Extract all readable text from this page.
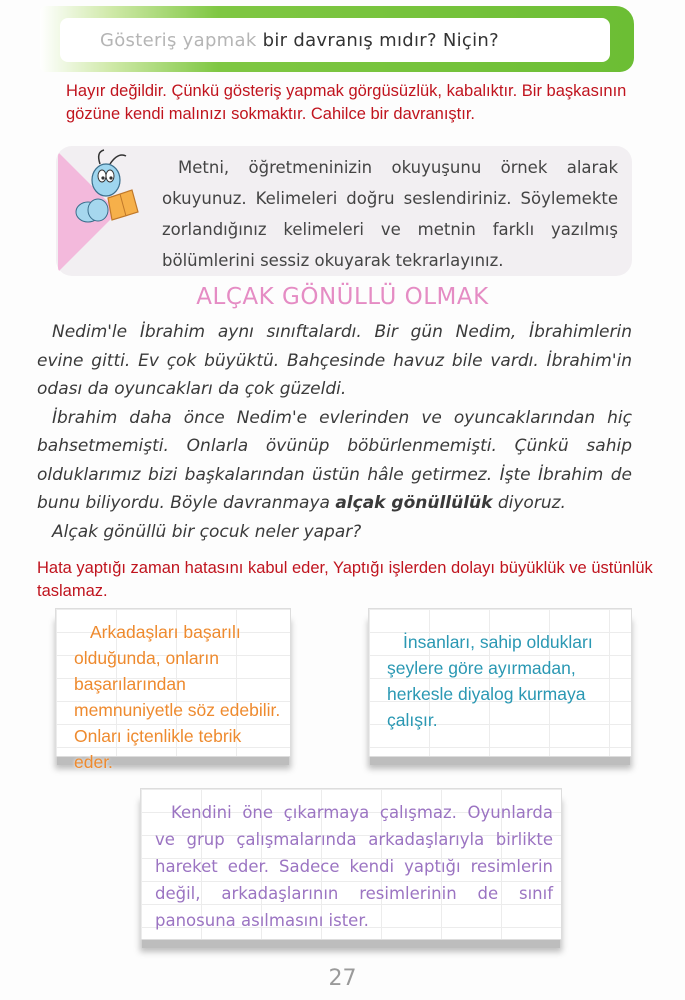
Gösteriş yapmak bir davranış mıdır? Niçin?
Hayır değildir. Çünkü gösteriş yapmak görgüsüzlük, kabalıktır. Bir başkasının gözüne kendi malınızı sokmaktır. Cahilce bir davranıştır.
Metni, öğretmeninizin okuyuşunu örnek alarak okuyunuz. Kelimeleri doğru seslendiriniz. Söylemekte zorlandığınız kelimeleri ve metnin farklı yazılmış bölümlerini sessiz okuyarak tekrarlayınız.
ALÇAK GÖNÜLLÜ OLMAK

Nedim'le İbrahim aynı sınıftalardı. Bir gün Nedim, İbrahimlerin evine gitti. Ev çok büyüktü. Bahçesinde havuz bile vardı. İbrahim'in odası da oyuncakları da çok güzeldi.

İbrahim daha önce Nedim'e evlerinden ve oyuncaklarından hiç bahsetmemişti. Onlarla övünüp böbürlenmemişti. Çünkü sahip olduklarımız bizi başkalarından üstün hâle getirmez. İşte İbrahim de bunu biliyordu. Böyle davranmaya alçak gönüllülük diyoruz.

Alçak gönüllü bir çocuk neler yapar?

Hata yaptığı zaman hatasını kabul eder, Yaptığı işlerden dolayı büyüklük ve üstünlük taslamaz.
Arkadaşları başarılı olduğunda, onların başarılarından memnuniyetle söz edebilir. Onları içtenlikle tebrik eder.
İnsanları, sahip oldukları şeylere göre ayırmadan, herkesle diyalog kurmaya çalışır.
Kendini öne çıkarmaya çalışmaz. Oyunlarda ve grup çalışmalarında arkadaşlarıyla birlikte hareket eder. Sadece kendi yaptığı resimlerin değil, arkadaşlarının resimlerinin de sınıf panosuna asılmasını ister.
27
